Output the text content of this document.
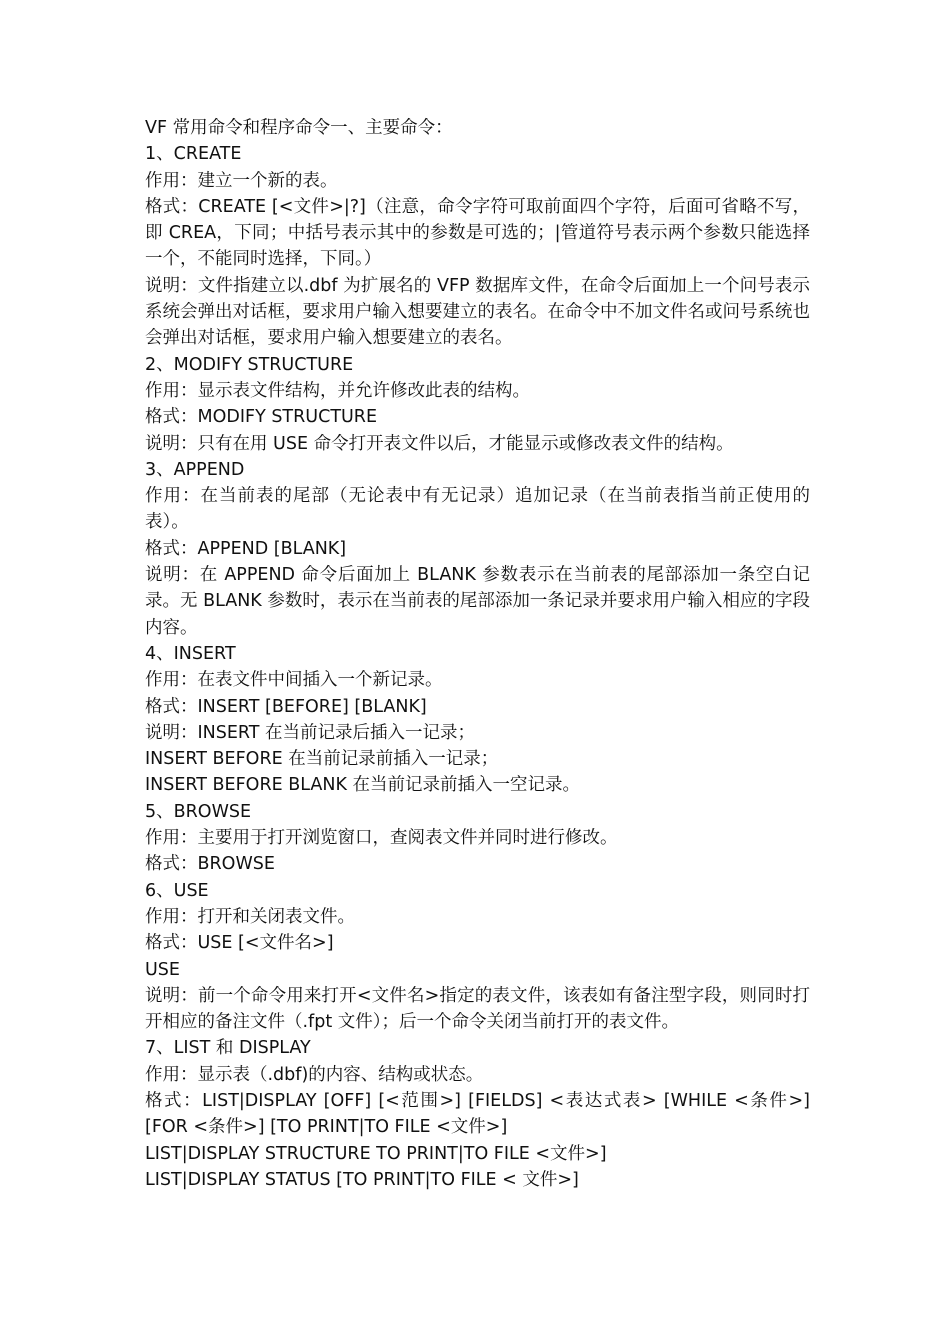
VF 常用命令和程序命令一、主要命令：
1、CREATE
作用：建立一个新的表。
格式：CREATE [<文件>|?]（注意，命令字符可取前面四个字符，后面可省略不写，即 CREA，下同；中括号表示其中的参数是可选的；|管道符号表示两个参数只能选择一个，不能同时选择，下同。）
说明：文件指建立以.dbf 为扩展名的 VFP 数据库文件，在命令后面加上一个问号表示系统会弹出对话框，要求用户输入想要建立的表名。在命令中不加文件名或问号系统也会弹出对话框，要求用户输入想要建立的表名。
2、MODIFY STRUCTURE
作用：显示表文件结构，并允许修改此表的结构。
格式：MODIFY STRUCTURE
说明：只有在用 USE 命令打开表文件以后，才能显示或修改表文件的结构。
3、APPEND
作用：在当前表的尾部（无论表中有无记录）追加记录（在当前表指当前正使用的表）。
格式：APPEND [BLANK]
说明：在 APPEND 命令后面加上 BLANK 参数表示在当前表的尾部添加一条空白记录。无 BLANK 参数时，表示在当前表的尾部添加一条记录并要求用户输入相应的字段内容。
4、INSERT
作用：在表文件中间插入一个新记录。
格式：INSERT [BEFORE] [BLANK]
说明：INSERT 在当前记录后插入一记录；
INSERT BEFORE 在当前记录前插入一记录；
INSERT BEFORE BLANK 在当前记录前插入一空记录。
5、BROWSE
作用：主要用于打开浏览窗口，查阅表文件并同时进行修改。
格式：BROWSE
6、USE
作用：打开和关闭表文件。
格式：USE [<文件名>]
USE
说明：前一个命令用来打开<文件名>指定的表文件，该表如有备注型字段，则同时打开相应的备注文件（.fpt 文件）；后一个命令关闭当前打开的表文件。
7、LIST 和 DISPLAY
作用：显示表（.dbf)的内容、结构或状态。
格式：LIST|DISPLAY [OFF] [<范围>] [FIELDS] <表达式表> [WHILE <条件>] [FOR <条件>] [TO PRINT|TO FILE <文件>]
LIST|DISPLAY STRUCTURE TO PRINT|TO FILE <文件>]
LIST|DISPLAY STATUS [TO PRINT|TO FILE < 文件>]
